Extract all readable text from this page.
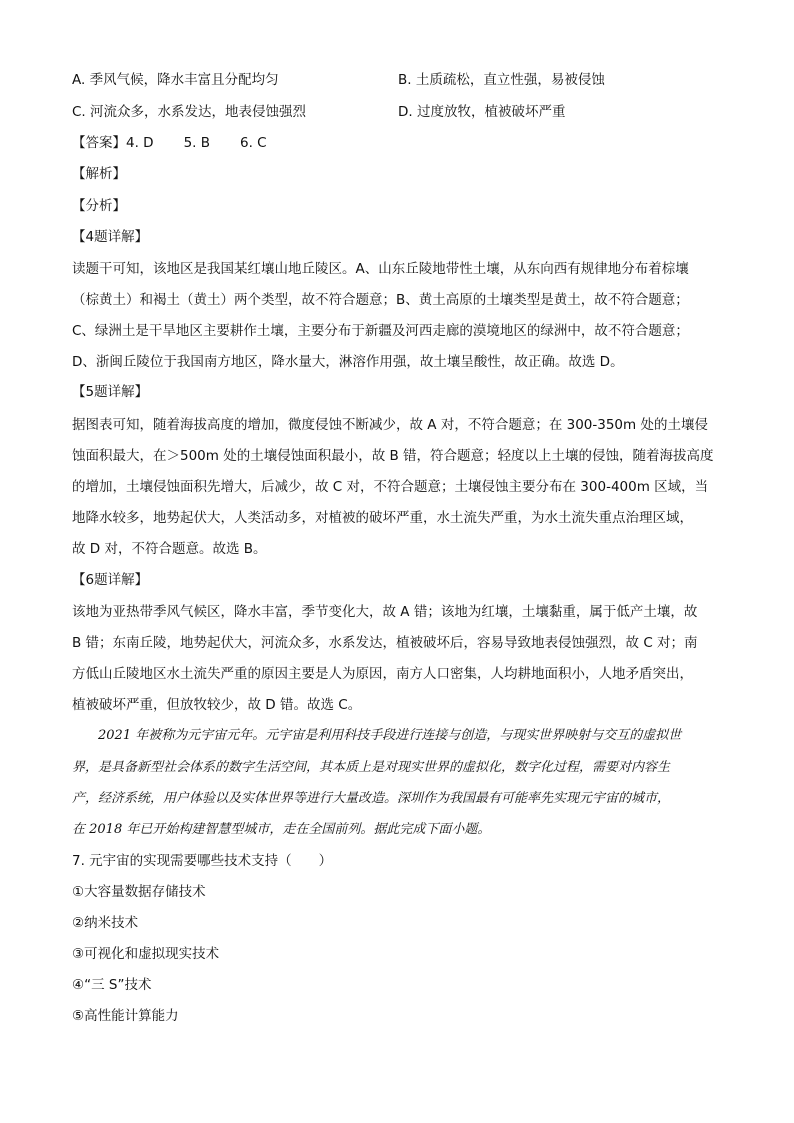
A. 季风气候，降水丰富且分配均匀	B. 土质疏松，直立性强，易被侵蚀
C. 河流众多，水系发达，地表侵蚀强烈	D. 过度放牧，植被破坏严重
【答案】4. D 5. B 6. C
【解析】
【分析】
【4题详解】
读题干可知，该地区是我国某红壤山地丘陵区。A、山东丘陵地带性土壤，从东向西有规律地分布着棕壤
（棕黄土）和褐土（黄土）两个类型，故不符合题意；B、黄土高原的土壤类型是黄土，故不符合题意；
C、绿洲土是干旱地区主要耕作土壤，主要分布于新疆及河西走廊的漠境地区的绿洲中，故不符合题意；
D、浙闽丘陵位于我国南方地区，降水量大，淋溶作用强，故土壤呈酸性，故正确。故选 D。
【5题详解】
据图表可知，随着海拔高度的增加，微度侵蚀不断减少，故 A 对，不符合题意；在 300-350m 处的土壤侵
蚀面积最大，在＞500m 处的土壤侵蚀面积最小，故 B 错，符合题意；轻度以上土壤的侵蚀，随着海拔高度
的增加，土壤侵蚀面积先增大，后减少，故 C 对，不符合题意；土壤侵蚀主要分布在 300-400m 区域，当
地降水较多，地势起伏大，人类活动多，对植被的破坏严重，水土流失严重，为水土流失重点治理区域，
故 D 对，不符合题意。故选 B。
【6题详解】
该地为亚热带季风气候区，降水丰富，季节变化大，故 A 错；该地为红壤，土壤黏重，属于低产土壤，故
B 错；东南丘陵，地势起伏大，河流众多，水系发达，植被破坏后，容易导致地表侵蚀强烈，故 C 对；南
方低山丘陵地区水土流失严重的原因主要是人为原因，南方人口密集，人均耕地面积小，人地矛盾突出，
植被破坏严重，但放牧较少，故 D 错。故选 C。
2021 年被称为元宇宙元年。元宇宙是利用科技手段进行连接与创造，与现实世界映射与交互的虚拟世
界，是具备新型社会体系的数字生活空间，其本质上是对现实世界的虚拟化，数字化过程，需要对内容生
产，经济系统，用户体验以及实体世界等进行大量改造。深圳作为我国最有可能率先实现元宇宙的城市，
在 2018 年已开始构建智慧型城市，走在全国前列。据此完成下面小题。
7. 元宇宙的实现需要哪些技术支持（　　）
①大容量数据存储技术
②纳米技术
③可视化和虚拟现实技术
④“三 S”技术
⑤高性能计算能力
